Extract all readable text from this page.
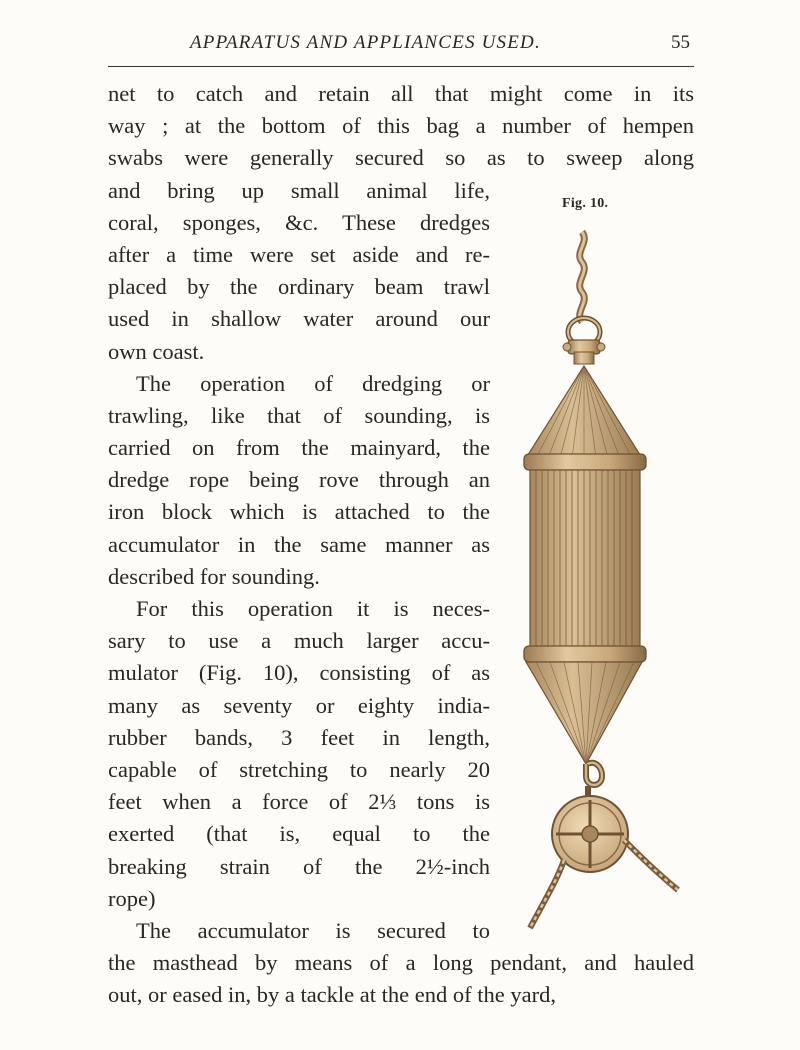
APPARATUS AND APPLIANCES USED.	55
net to catch and retain all that might come in its
way ; at the bottom of this bag a number of hempen
swabs were generally secured so as to sweep along
and bring up small animal life,
coral, sponges, &c. These dredges
after a time were set aside and re-
placed by the ordinary beam trawl
used in shallow water around our
own coast.
The operation of dredging or
trawling, like that of sounding, is
carried on from the mainyard, the
dredge rope being rove through an
iron block which is attached to the
accumulator in the same manner as
described for sounding.
For this operation it is neces-
sary to use a much larger accu-
mulator (Fig. 10), consisting of as
many as seventy or eighty india-
rubber bands, 3 feet in length,
capable of stretching to nearly 20
feet when a force of 2⅓ tons is
exerted (that is, equal to the
breaking strain of the 2½-inch
rope)
The accumulator is secured to
the masthead by means of a long pendant, and hauled
out, or eased in, by a tackle at the end of the yard,
Fig. 10.
